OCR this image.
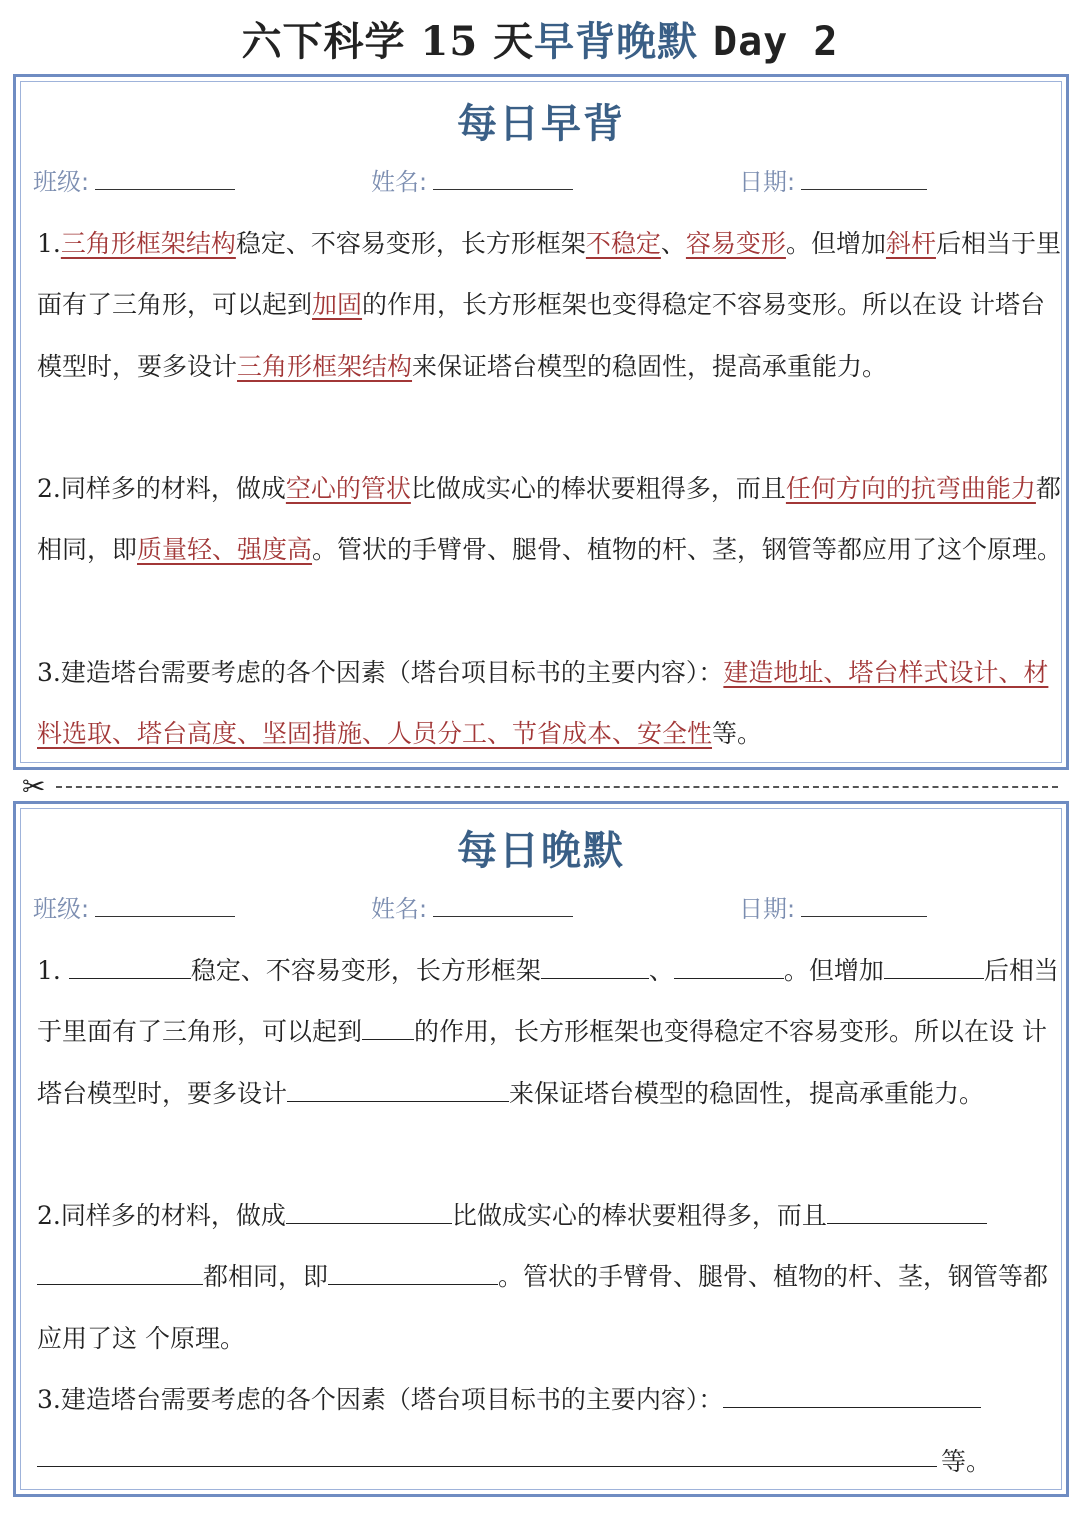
六下科学 15 天早背晚默 Day 2
每日早背
班级:	姓名:	日期:
1.三角形框架结构稳定、不容易变形，长方形框架不稳定、容易变形。但增加斜杆后相当于里面有了三角形，可以起到加固的作用，长方形框架也变得稳定不容易变形。所以在设 计塔台模型时，要多设计三角形框架结构来保证塔台模型的稳固性，提高承重能力。
2.同样多的材料，做成空心的管状比做成实心的棒状要粗得多，而且任何方向的抗弯曲能力都相同，即质量轻、强度高。管状的手臂骨、腿骨、植物的杆、茎，钢管等都应用了这个原理。
3.建造塔台需要考虑的各个因素（塔台项目标书的主要内容）：建造地址、塔台样式设计、材料选取、塔台高度、坚固措施、人员分工、节省成本、安全性等。
✂
每日晚默
班级:	姓名:	日期:
1.	稳定、不容易变形，长方形框架	、	。但增加	后相当于里面有了三角形，可以起到 的作用，长方形框架也变得稳定不容易变形。所以在设 计塔台模型时，要多设计	来保证塔台模型的稳固性，提高承重能力。
2.同样多的材料，做成	比做成实心的棒状要粗得多，而且都相同，即	。管状的手臂骨、腿骨、植物的杆、茎，钢管等都应用了这 个原理。
3.建造塔台需要考虑的各个因素（塔台项目标书的主要内容）：
等。
